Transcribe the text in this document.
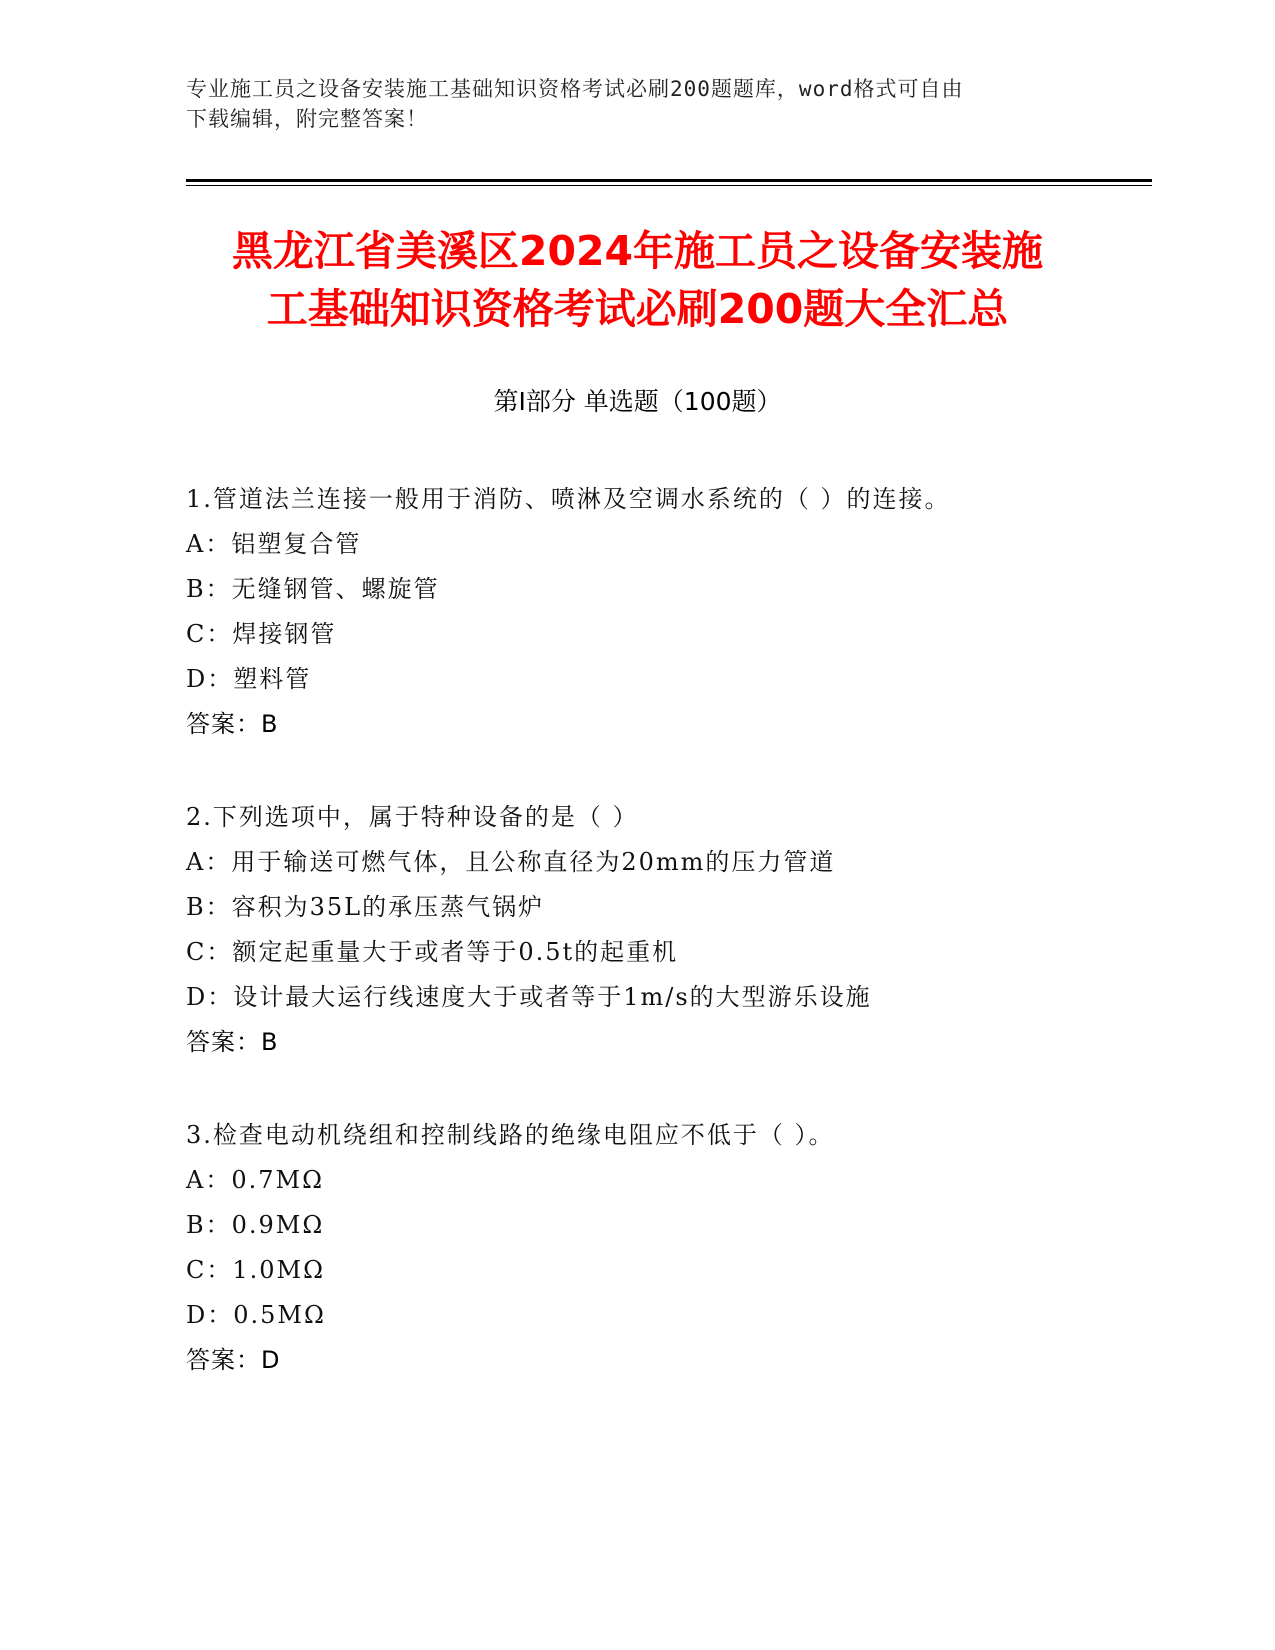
专业施工员之设备安装施工基础知识资格考试必刷200题题库，word格式可自由
下载编辑，附完整答案！
黑龙江省美溪区2024年施工员之设备安装施
工基础知识资格考试必刷200题大全汇总
第Ⅰ部分 单选题（100题）
1.管道法兰连接一般用于消防、喷淋及空调水系统的（ ）的连接。
A：铝塑复合管
B：无缝钢管、螺旋管
C：焊接钢管
D：塑料管
答案：B
2.下列选项中，属于特种设备的是（ ）
A：用于输送可燃气体，且公称直径为20mm的压力管道
B：容积为35L的承压蒸气锅炉
C：额定起重量大于或者等于0.5t的起重机
D：设计最大运行线速度大于或者等于1m/s的大型游乐设施
答案：B
3.检查电动机绕组和控制线路的绝缘电阻应不低于（ ）。
A：0.7MΩ
B：0.9MΩ
C：1.0MΩ
D：0.5MΩ
答案：D
